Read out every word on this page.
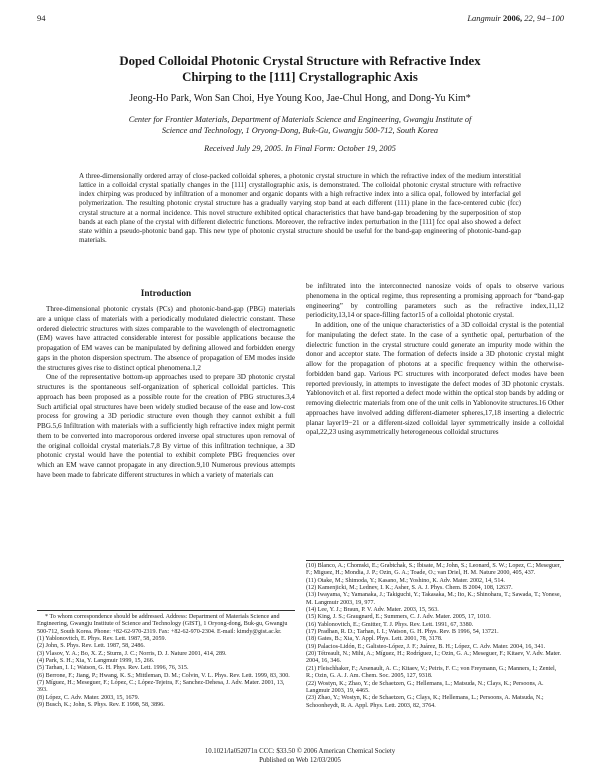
94	Langmuir 2006, 22, 94−100
Doped Colloidal Photonic Crystal Structure with Refractive Index
Chirping to the [111] Crystallographic Axis
Jeong-Ho Park, Won San Choi, Hye Young Koo, Jae-Chul Hong, and Dong-Yu Kim*
Center for Frontier Materials, Department of Materials Science and Engineering, Gwangju Institute of
Science and Technology, 1 Oryong-Dong, Buk-Gu, Gwangju 500-712, South Korea
Received July 29, 2005. In Final Form: October 19, 2005

A three-dimensionally ordered array of close-packed colloidal spheres, a photonic crystal structure in which the refractive index of the medium interstitial lattice in a colloidal crystal spatially changes in the [111] crystallographic axis, is demonstrated. The colloidal photonic crystal structure with refractive index chirping was produced by infiltration of a monomer and organic dopants with a high refractive index into a silica opal, followed by interfacial gel polymerization. The resulting photonic crystal structure has a gradually varying stop band at each different (111) plane in the face-centered cubic (fcc) crystal structure at a normal incidence. This novel structure exhibited optical characteristics that have band-gap broadening by the superposition of stop bands at each plane of the crystal with different dielectric functions. Moreover, the refractive index perturbation in the [111] fcc opal also showed a defect state within a pseudo-photonic band gap. This new type of photonic crystal structure should be useful for the band-gap engineering of photonic-band-gap materials.

Introduction

Three-dimensional photonic crystals (PCs) and photonic-band-gap (PBG) materials are a unique class of materials with a periodically modulated dielectric constant. These ordered dielectric structures with sizes comparable to the wavelength of electromagnetic (EM) waves have attracted considerable interest for possible applications because the propagation of EM waves can be manipulated by defining allowed and forbidden energy gaps in the photon dispersion spectrum. The absence of propagation of EM modes inside the structures gives rise to distinct optical phenomena.1,2

One of the representative bottom-up approaches used to prepare 3D photonic crystal structures is the spontaneous self-organization of spherical colloidal particles. This approach has been proposed as a possible route for the creation of PBG structures.3,4 Such artificial opal structures have been widely studied because of the ease and low-cost process for growing a 3D periodic structure even though they cannot exhibit a full PBG.5,6 Infiltration with materials with a sufficiently high refractive index might permit them to be converted into macroporous ordered inverse opal structures upon removal of the original colloidal crystal materials.7,8 By virtue of this infiltration technique, a 3D photonic crystal would have the potential to exhibit complete PBG frequencies over which an EM wave cannot propagate in any direction.9,10 Numerous previous attempts have been made to fabricate different structures in which a variety of materials can

be infiltrated into the interconnected nanosize voids of opals to observe various phenomena in the optical regime, thus representing a promising approach for “band-gap engineering” by controlling parameters such as the refractive index,11,12 periodicity,13,14 or space-filling factor15 of a colloidal photonic crystal.

In addition, one of the unique characteristics of a 3D colloidal crystal is the potential for manipulating the defect state. In the case of a synthetic opal, perturbation of the dielectric function in the crystal structure could generate an impurity mode within the donor and acceptor state. The formation of defects inside a 3D photonic crystal might allow for the propagation of photons at a specific frequency within the otherwise-forbidden band gap. Various PC structures with incorporated defect modes have been reported previously, in attempts to investigate the defect modes of 3D photonic crystals. Yablonovitch et al. first reported a defect mode within the optical stop bands by adding or removing dielectric materials from one of the unit cells in Yablonovite structures.16 Other approaches have involved adding different-diameter spheres,17,18 inserting a dielectric planar layer19−21 or a different-sized colloidal layer symmetrically inside a colloidal opal,22,23 using asymmetrically heterogeneous colloidal structures

* To whom correspondence should be addressed. Address: Department of Materials Science and Engineering, Gwangju Institute of Science and Technology (GIST), 1 Oryong-dong, Buk-gu, Gwangju 500-712, South Korea. Phone: +82-62-970-2319. Fax: +82-62-970-2304. E-mail: kimdy@gist.ac.kr.

(1) Yablonovitch, E. Phys. Rev. Lett. 1987, 58, 2059.

(2) John, S. Phys. Rev. Lett. 1987, 58, 2486.

(3) Vlasov, Y. A.; Bo, X. Z.; Sturm, J. C.; Norris, D. J. Nature 2001, 414, 289.

(4) Park, S. H.; Xia, Y. Langmuir 1999, 15, 266.

(5) Tarhan, I. I.; Watson, G. H. Phys. Rev. Lett. 1996, 76, 315.

(6) Berrone, F.; Jiang, P.; Hwang, K. S.; Mittleman, D. M.; Colvin, V. L. Phys. Rev. Lett. 1999, 83, 300.

(7) Míguez, H.; Meseguer, F.; López, C.; López-Tejeira, F.; Sanchez-Dehesa, J. Adv. Mater. 2001, 13, 393.

(8) López, C. Adv. Mater. 2003, 15, 1679.

(9) Busch, K.; John, S. Phys. Rev. E 1998, 58, 3896.

(10) Blanco, A.; Chomski, E.; Grabtchak, S.; Ibisate, M.; John, S.; Leonard, S. W.; Lopez, C.; Meseguer, F.; Miguez, H.; Mondia, J. P.; Ozin, G. A.; Toade, O.; van Driel, H. M. Nature 2000, 405, 437.

(11) Otake, M.; Shimoda, Y.; Kasano, M.; Yoshino, K. Adv. Mater. 2002, 14, 514.

(12) Kamenjicki, M.; Lednev, I. K.; Asher, S. A. J. Phys. Chem. B 2004, 108, 12637.

(13) Iwayama, Y.; Yamanaka, J.; Takiguchi, Y.; Takasaka, M.; Ito, K.; Shinohara, T.; Sawada, T.; Yonese, M. Langmuir 2003, 19, 977.

(14) Lee, Y. J.; Braun, P. V. Adv. Mater. 2003, 15, 563.

(15) King, J. S.; Graugnard, E.; Summers, C. J. Adv. Mater. 2005, 17, 1010.

(16) Yablonovitch, E.; Gmitter, T. J. Phys. Rev. Lett. 1991, 67, 3380.

(17) Pradhan, R. D.; Tarhan, I. I.; Watson, G. H. Phys. Rev. B 1996, 54, 13721.

(18) Gates, B.; Xia, Y. Appl. Phys. Lett. 2001, 78, 3178.

(19) Palacios-Lidón, E.; Galisteo-López, J. F.; Juárez, B. H.; López, C. Adv. Mater. 2004, 16, 341.

(20) Tétreault, N.; Mihi, A.; Míguez, H.; Rodríguez, I.; Ozin, G. A.; Meseguer, F.; Kitaev, V. Adv. Mater. 2004, 16, 346.

(21) Fleischhaker, F.; Arsenault, A. C.; Kitaev, V.; Peiris, F. C.; von Freymann, G.; Manners, I.; Zentel, R.; Ozin, G. A. J. Am. Chem. Soc. 2005, 127, 9318.

(22) Wostyn, K.; Zhao, Y.; de Schaetzen, G.; Hellemans, L.; Matsuda, N.; Clays, K.; Persoons, A. Langmuir 2003, 19, 4465.

(23) Zhao, Y.; Wostyn, K.; de Schaetzen, G.; Clays, K.; Hellemans, L.; Persoons, A. Matsuda, N.; Schoonheydt, R. A. Appl. Phys. Lett. 2003, 82, 3764.

10.1021/la052071n CCC: $33.50 © 2006 American Chemical Society
Published on Web 12/03/2005
